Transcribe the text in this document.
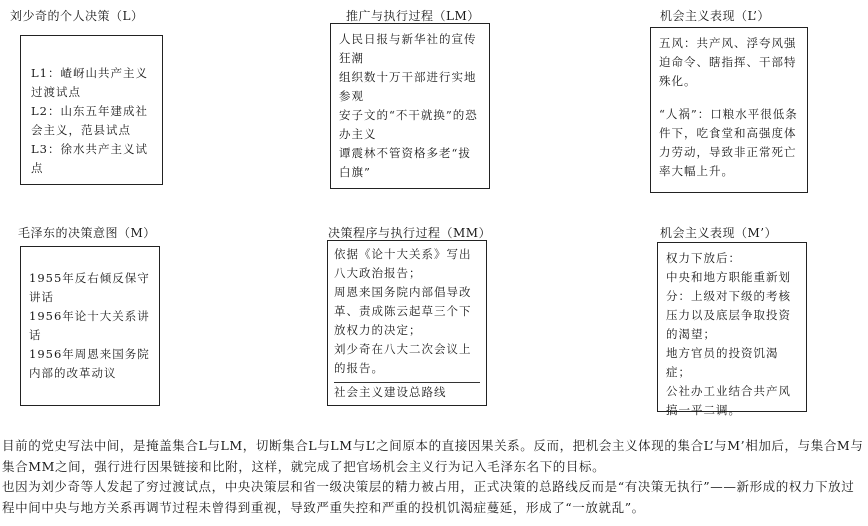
刘少奇的个人决策（L）

L1：嵖岈山共产主义过渡试点

L2：山东五年建成社会主义，范县试点

L3：徐水共产主义试点

推广与执行过程（LM）

人民日报与新华社的宣传狂潮

组织数十万干部进行实地参观

安子文的“不干就换”的恐办主义

谭震林不管资格多老“拔白旗”

机会主义表现（L’）

五风：共产风、浮夸风强迫命令、瞎指挥、干部特殊化。

“人祸”：口粮水平很低条件下，吃食堂和高强度体力劳动，导致非正常死亡率大幅上升。

毛泽东的决策意图（M）

1955年反右倾反保守讲话

1956年论十大关系讲话

1956年周恩来国务院内部的改革动议

决策程序与执行过程（MM）

依据《论十大关系》写出八大政治报告；

周恩来国务院内部倡导改革、责成陈云起草三个下放权力的决定；

刘少奇在八大二次会议上的报告。

社会主义建设总路线

机会主义表现（M’）

权力下放后：

中央和地方职能重新划分：上级对下级的考核压力以及底层争取投资的渴望；

地方官员的投资饥渴症；

公社办工业结合共产风搞一平二调。

目前的党史写法中间，是掩盖集合L与LM，切断集合L与LM与L’之间原本的直接因果关系。反而，把机会主义体现的集合L’与M’相加后，与集合M与集合MM之间，强行进行因果链接和比附，这样，就完成了把官场机会主义行为记入毛泽东名下的目标。

也因为刘少奇等人发起了穷过渡试点，中央决策层和省一级决策层的精力被占用，正式决策的总路线反而是“有决策无执行”——新形成的权力下放过程中间中央与地方关系再调节过程未曾得到重视，导致严重失控和严重的投机饥渴症蔓延，形成了“一放就乱”。
